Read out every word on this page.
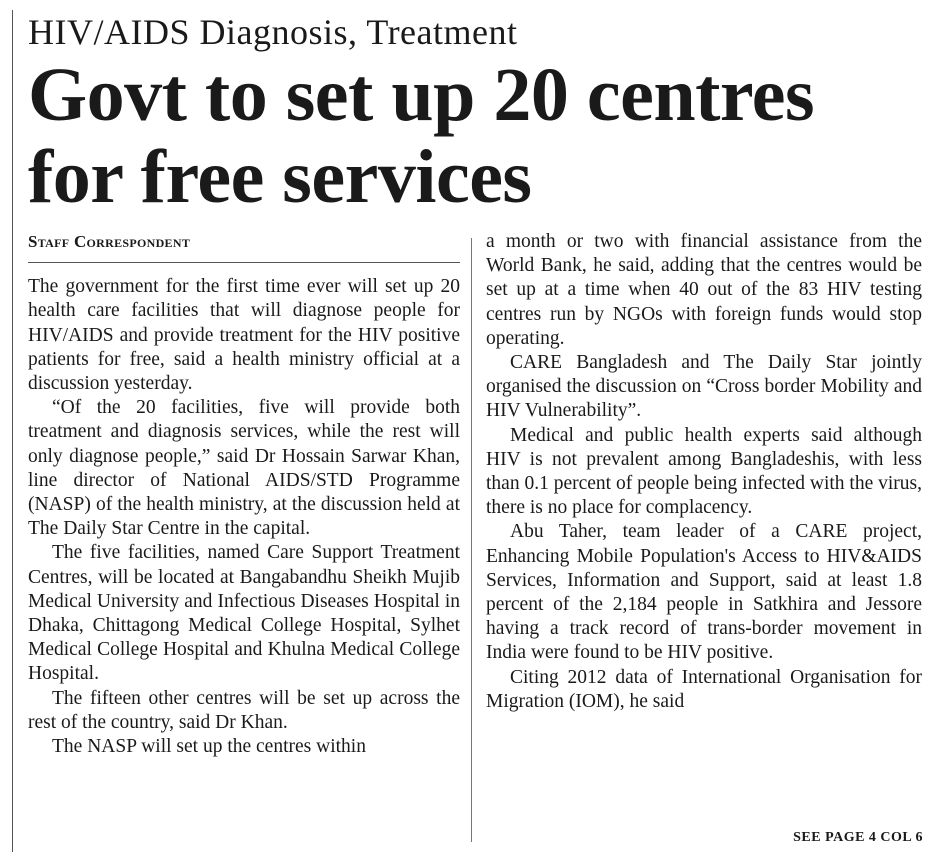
HIV/AIDS Diagnosis, Treatment
Govt to set up 20 centres
for free services
Staff Correspondent

The government for the first time ever will set up 20 health care facilities that will diagnose people for HIV/AIDS and provide treatment for the HIV positive patients for free, said a health ministry official at a discussion yesterday.

“Of the 20 facilities, five will provide both treatment and diagnosis services, while the rest will only diagnose people,” said Dr Hossain Sarwar Khan, line director of National AIDS/STD Programme (NASP) of the health ministry, at the discussion held at The Daily Star Centre in the capital.

The five facilities, named Care Support Treatment Centres, will be located at Bangabandhu Sheikh Mujib Medical University and Infectious Diseases Hospital in Dhaka, Chittagong Medical College Hospital, Sylhet Medical College Hospital and Khulna Medical College Hospital.

The fifteen other centres will be set up across the rest of the country, said Dr Khan.

The NASP will set up the centres within

a month or two with financial assistance from the World Bank, he said, adding that the centres would be set up at a time when 40 out of the 83 HIV testing centres run by NGOs with foreign funds would stop operating.

CARE Bangladesh and The Daily Star jointly organised the discussion on “Cross border Mobility and HIV Vulnerability”.

Medical and public health experts said although HIV is not prevalent among Bangladeshis, with less than 0.1 percent of people being infected with the virus, there is no place for complacency.

Abu Taher, team leader of a CARE project, Enhancing Mobile Population's Access to HIV&AIDS Services, Information and Support, said at least 1.8 percent of the 2,184 people in Satkhira and Jessore having a track record of trans-border movement in India were found to be HIV positive.

Citing 2012 data of International Organisation for Migration (IOM), he said

SEE PAGE 4 COL 6
